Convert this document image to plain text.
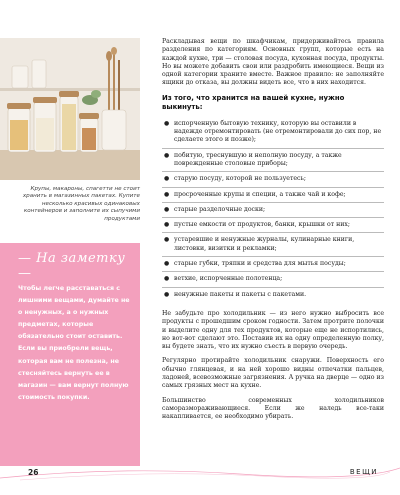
Крупы, макароны, спагетти не стоит хранить в магазинных пакетах. Купите несколько красивых одинаковых контейнеров и заполните их сыпучими продуктами
— На заметку —
Чтобы легче расставаться с лишними вещами, думайте не о ненужных, а о нужных предметах, которые обязательно стоит оставить. Если вы приобрели вещь, которая вам не полезна, не стесняйтесь вернуть ее в магазин — вам вернут полную стоимость покупки.

Раскладывая вещи по шкафчикам, придерживайтесь правила разделения по категориям. Основных групп, которые есть на каждой кухне, три — столовая посуда, кухонная посуда, продукты. Но вы можете добавить свои или раздробить имеющиеся. Вещи из одной категории храните вместе. Важное правило: не заполняйте ящики до отказа, вы должны видеть все, что в них находится.

Из того, что хранится на вашей кухне, нужно выкинуть:
● испорченную бытовую технику, которую вы оставили в надежде отремонтировать (не отремонтировали до сих пор, не сделаете этого и позже);
● побитую, треснувшую и неполную посуду, а также поврежденные столовые приборы;
● старую посуду, которой не пользуетесь;
● просроченные крупы и специи, а также чай и кофе;
● старые разделочные доски;
● пустые емкости от продуктов, банки, крышки от них;
● устаревшие и ненужные журналы, кулинарные книги, листовки, визитки и рекламки;
● старые губки, тряпки и средства для мытья посуды;
● ветхие, испорченные полотенца;
● ненужные пакеты и пакеты с пакетами.

Не забудьте про холодильник — из него нужно выбросить все продукты с прошедшим сроком годности. Затем протрите полочки и выделите одну для тех продуктов, которые еще не испортились, но вот-вот сделают это. Поставив их на одну определенную полку, вы будете знать, что их нужно съесть в первую очередь.

Регулярно протирайте холодильник снаружи. Поверхность его обычно глянцевая, и на ней хорошо видны отпечатки пальцев, ладоней, всевозможные загрязнения. А ручка на дверце — одно из самых грязных мест на кухне.

Большинство современных холодильников саморазмораживающиеся. Если же наледь все-таки накапливается, ее необходимо убирать.

26	ВЕЩИ
